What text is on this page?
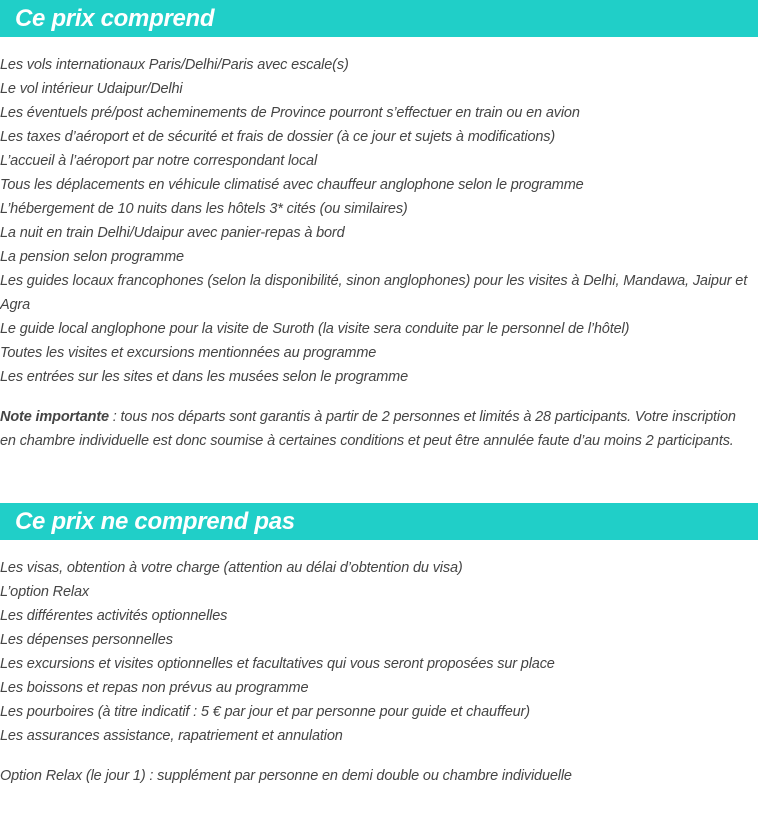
Ce prix comprend
Les vols internationaux Paris/Delhi/Paris avec escale(s)
Le vol intérieur Udaipur/Delhi
Les éventuels pré/post acheminements de Province pourront s’effectuer en train ou en avion
Les taxes d’aéroport et de sécurité et frais de dossier (à ce jour et sujets à modifications)
L’accueil à l’aéroport par notre correspondant local
Tous les déplacements en véhicule climatisé avec chauffeur anglophone selon le programme
L’hébergement de 10 nuits dans les hôtels 3* cités (ou similaires)
La nuit en train Delhi/Udaipur avec panier-repas à bord
La pension selon programme
Les guides locaux francophones (selon la disponibilité, sinon anglophones) pour les visites à Delhi, Mandawa, Jaipur et Agra
Le guide local anglophone pour la visite de Suroth (la visite sera conduite par le personnel de l’hôtel)
Toutes les visites et excursions mentionnées au programme
Les entrées sur les sites et dans les musées selon le programme

Note importante : tous nos départs sont garantis à partir de 2 personnes et limités à 28 participants. Votre inscription en chambre individuelle est donc soumise à certaines conditions et peut être annulée faute d’au moins 2 participants.

Ce prix ne comprend pas
Les visas, obtention à votre charge (attention au délai d’obtention du visa)
L’option Relax
Les différentes activités optionnelles
Les dépenses personnelles
Les excursions et visites optionnelles et facultatives qui vous seront proposées sur place
Les boissons et repas non prévus au programme
Les pourboires (à titre indicatif : 5 € par jour et par personne pour guide et chauffeur)
Les assurances assistance, rapatriement et annulation

Option Relax (le jour 1) : supplément par personne en demi double ou chambre individuelle
